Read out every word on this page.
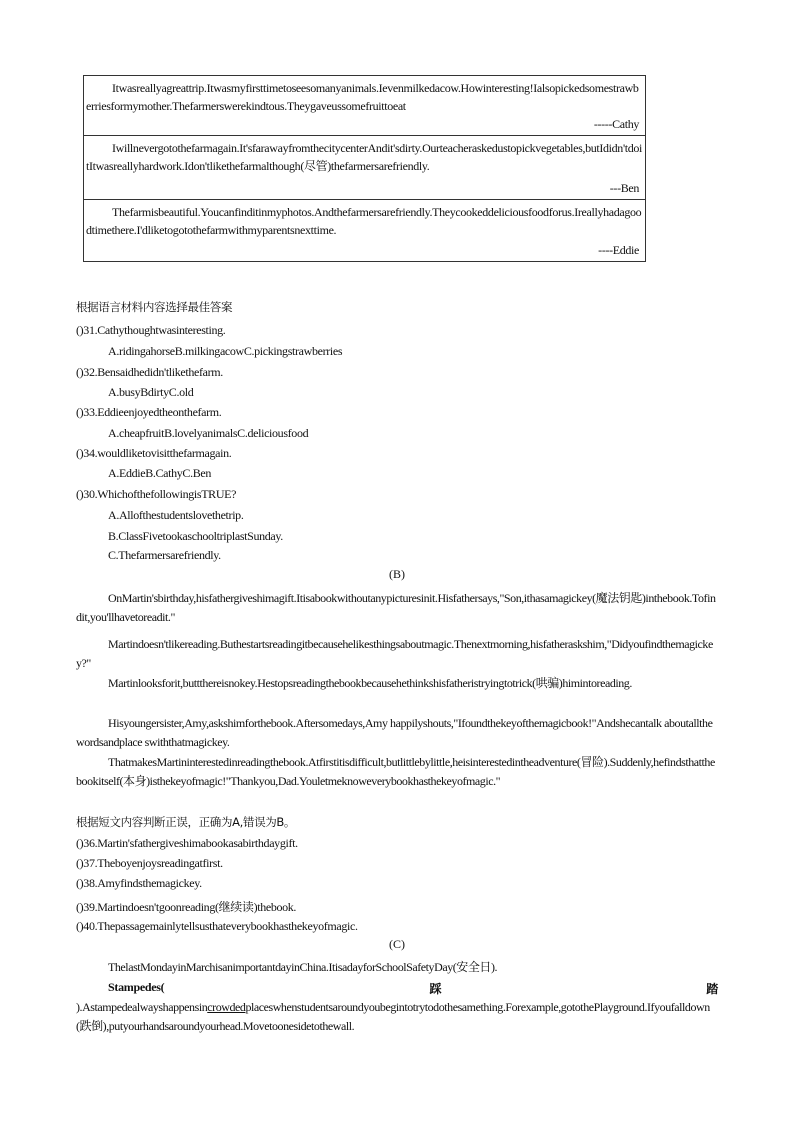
Itwasreallyagreattrip.Itwasmyfirsttimetoseesomanyanimals.Ievenmilkedacow.Howinteresting!Ialsopickedsomestrawberriesformymother.Thefarmerswerekindtous.Theygaveussomefruittoeat
-----Cathy
Iwillnevergotothefarmagain.It'sfarawayfromthecitycenterAndit'sdirty.Ourteacheraskedustopickvegetables,butIdidn'tdoitItwasreallyhardwork.Idon'tlikethefarmalthough(尽管)thefarmersarefriendly.
---Ben
Thefarmisbeautiful.Youcanfinditinmyphotos.Andthefarmersarefriendly.Theycookeddeliciousfoodforus.Ireallyhadagoodtimethere.I'dliketogotothefarmwithmyparentsnexttime.
----Eddie
根据语言材料内容选择最佳答案
()31.Cathythoughtwasinteresting.
A.ridingahorseB.milkingacowC.pickingstrawberries
()32.Bensaidhedidn'tlikethefarm.
A.busyBdirtyC.old
()33.Eddieenjoyedtheonthefarm.
A.cheapfruitB.lovelyanimalsC.deliciousfood
()34.wouldliketovisitthefarmagain.
A.EddieB.CathyC.Ben
()30.WhichofthefollowingisTRUE?
A.Allofthestudentslovethetrip.
B.ClassFivetookaschooltriplastSunday.
C.Thefarmersarefriendly.
(B)
OnMartin'sbirthday,hisfathergiveshimagift.Itisabookwithoutanypicturesinit.Hisfathersays,"Son,ithasamagickey(魔法钥匙)inthebook.Tofindit,you'llhavetoreadit."
Martindoesn'tlikereading.Buthestartsreadingitbecausehelikesthingsaboutmagic.Thenextmorning,hisfatheraskshim,"Didyoufindthemagickey?"
Martinlooksforit,buttthereisnokey.Hestopsreadingthebookbecausehethinkshisfatheristryingtotrick(哄骗)himintoreading.
Hisyoungersister,Amy,askshimforthebook.Aftersomedays,Amy happilyshouts,"Ifoundthekeyofthemagicbook!"Andshecantalk aboutallthewordsandplace swiththatmagickey.
ThatmakesMartininterestedinreadingthebook.Atfirstitisdifficult,butlittlebylittle,heisinterestedintheadventure(冒险).Suddenly,hefindsthatthebookitself(本身)isthekeyofmagic!"Thankyou,Dad.Youletmeknoweverybookhasthekeyofmagic."
根据短文内容判断正误，正确为A,错误为B。
()36.Martin'sfathergiveshimabookasabirthdaygift.
()37.Theboyenjoysreadingatfirst.
()38.Amyfindsthemagickey.
()39.Martindoesn'tgoonreading(继续读)thebook.
()40.Thepassagemainlytellsusthateverybookhasthekeyofmagic.
(C)
ThelastMondayinMarchisanimportantdayinChina.ItisadayforSchoolSafetyDay(安全日).
Stampedes(	踩	踏
).Astampedealwayshappensincrowdedplaceswhenstudentsaroundyoubegintotrytodothesamething.Forexample,gotothePlayground.Ifyoufalldown(跌倒),putyourhandsaroundyourhead.Movetoonesidetothewall.
